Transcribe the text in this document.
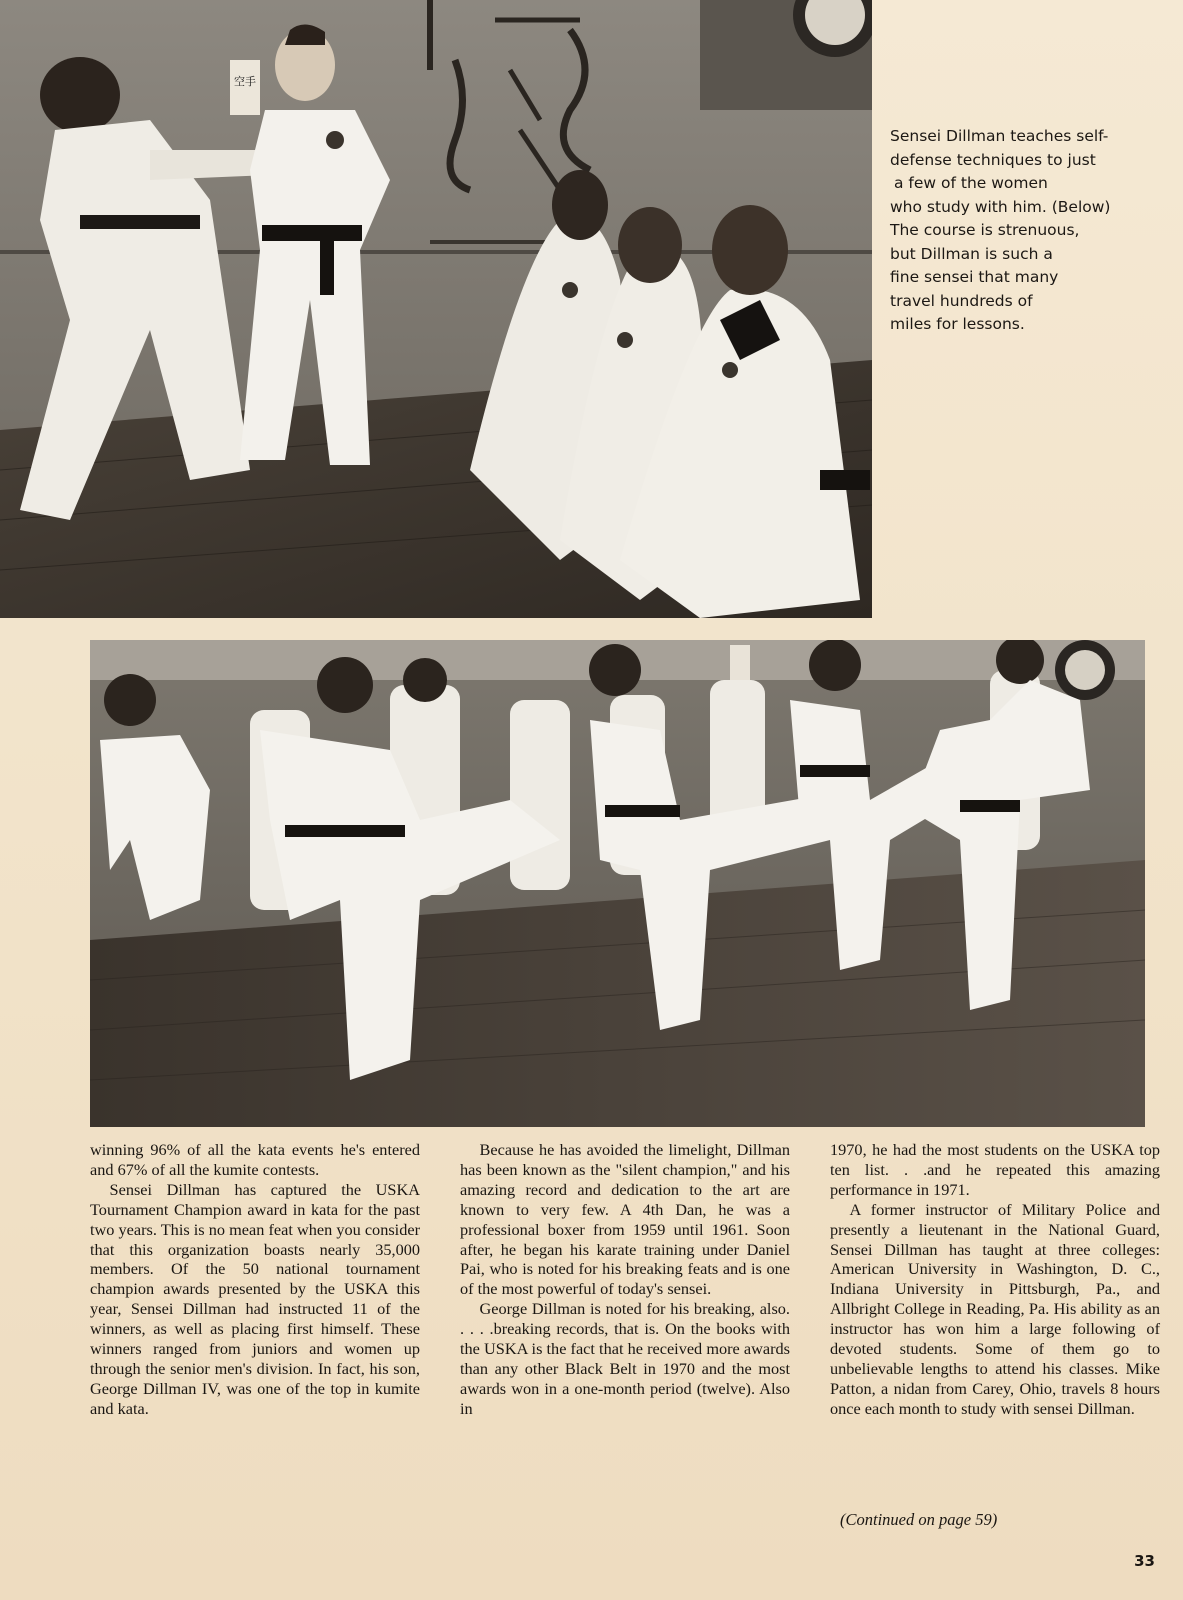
空手
Sensei Dillman teaches self-
defense techniques to just
a few of the women
who study with him. (Below)
The course is strenuous,
but Dillman is such a
fine sensei that many
travel hundreds of
miles for lessons.

winning 96% of all the kata events he's entered and 67% of all the kumite contests.

Sensei Dillman has captured the USKA Tournament Champion award in kata for the past two years. This is no mean feat when you consider that this organization boasts nearly 35,000 members. Of the 50 national tournament champion awards presented by the USKA this year, Sensei Dillman had instructed 11 of the winners, as well as placing first himself. These winners ranged from juniors and women up through the senior men's division. In fact, his son, George Dillman IV, was one of the top in kumite and kata.

Because he has avoided the limelight, Dillman has been known as the "silent champion," and his amazing record and dedication to the art are known to very few. A 4th Dan, he was a professional boxer from 1959 until 1961. Soon after, he began his karate training under Daniel Pai, who is noted for his breaking feats and is one of the most powerful of today's sensei.

George Dillman is noted for his breaking, also. . . . .breaking records, that is. On the books with the USKA is the fact that he received more awards than any other Black Belt in 1970 and the most awards won in a one-month period (twelve). Also in

1970, he had the most students on the USKA top ten list. . .and he repeated this amazing performance in 1971.

A former instructor of Military Police and presently a lieutenant in the National Guard, Sensei Dillman has taught at three colleges: American University in Washington, D. C., Indiana University in Pittsburgh, Pa., and Allbright College in Reading, Pa. His ability as an instructor has won him a large following of devoted students. Some of them go to unbelievable lengths to attend his classes. Mike Patton, a nidan from Carey, Ohio, travels 8 hours once each month to study with sensei Dillman.

(Continued on page 59)
33
